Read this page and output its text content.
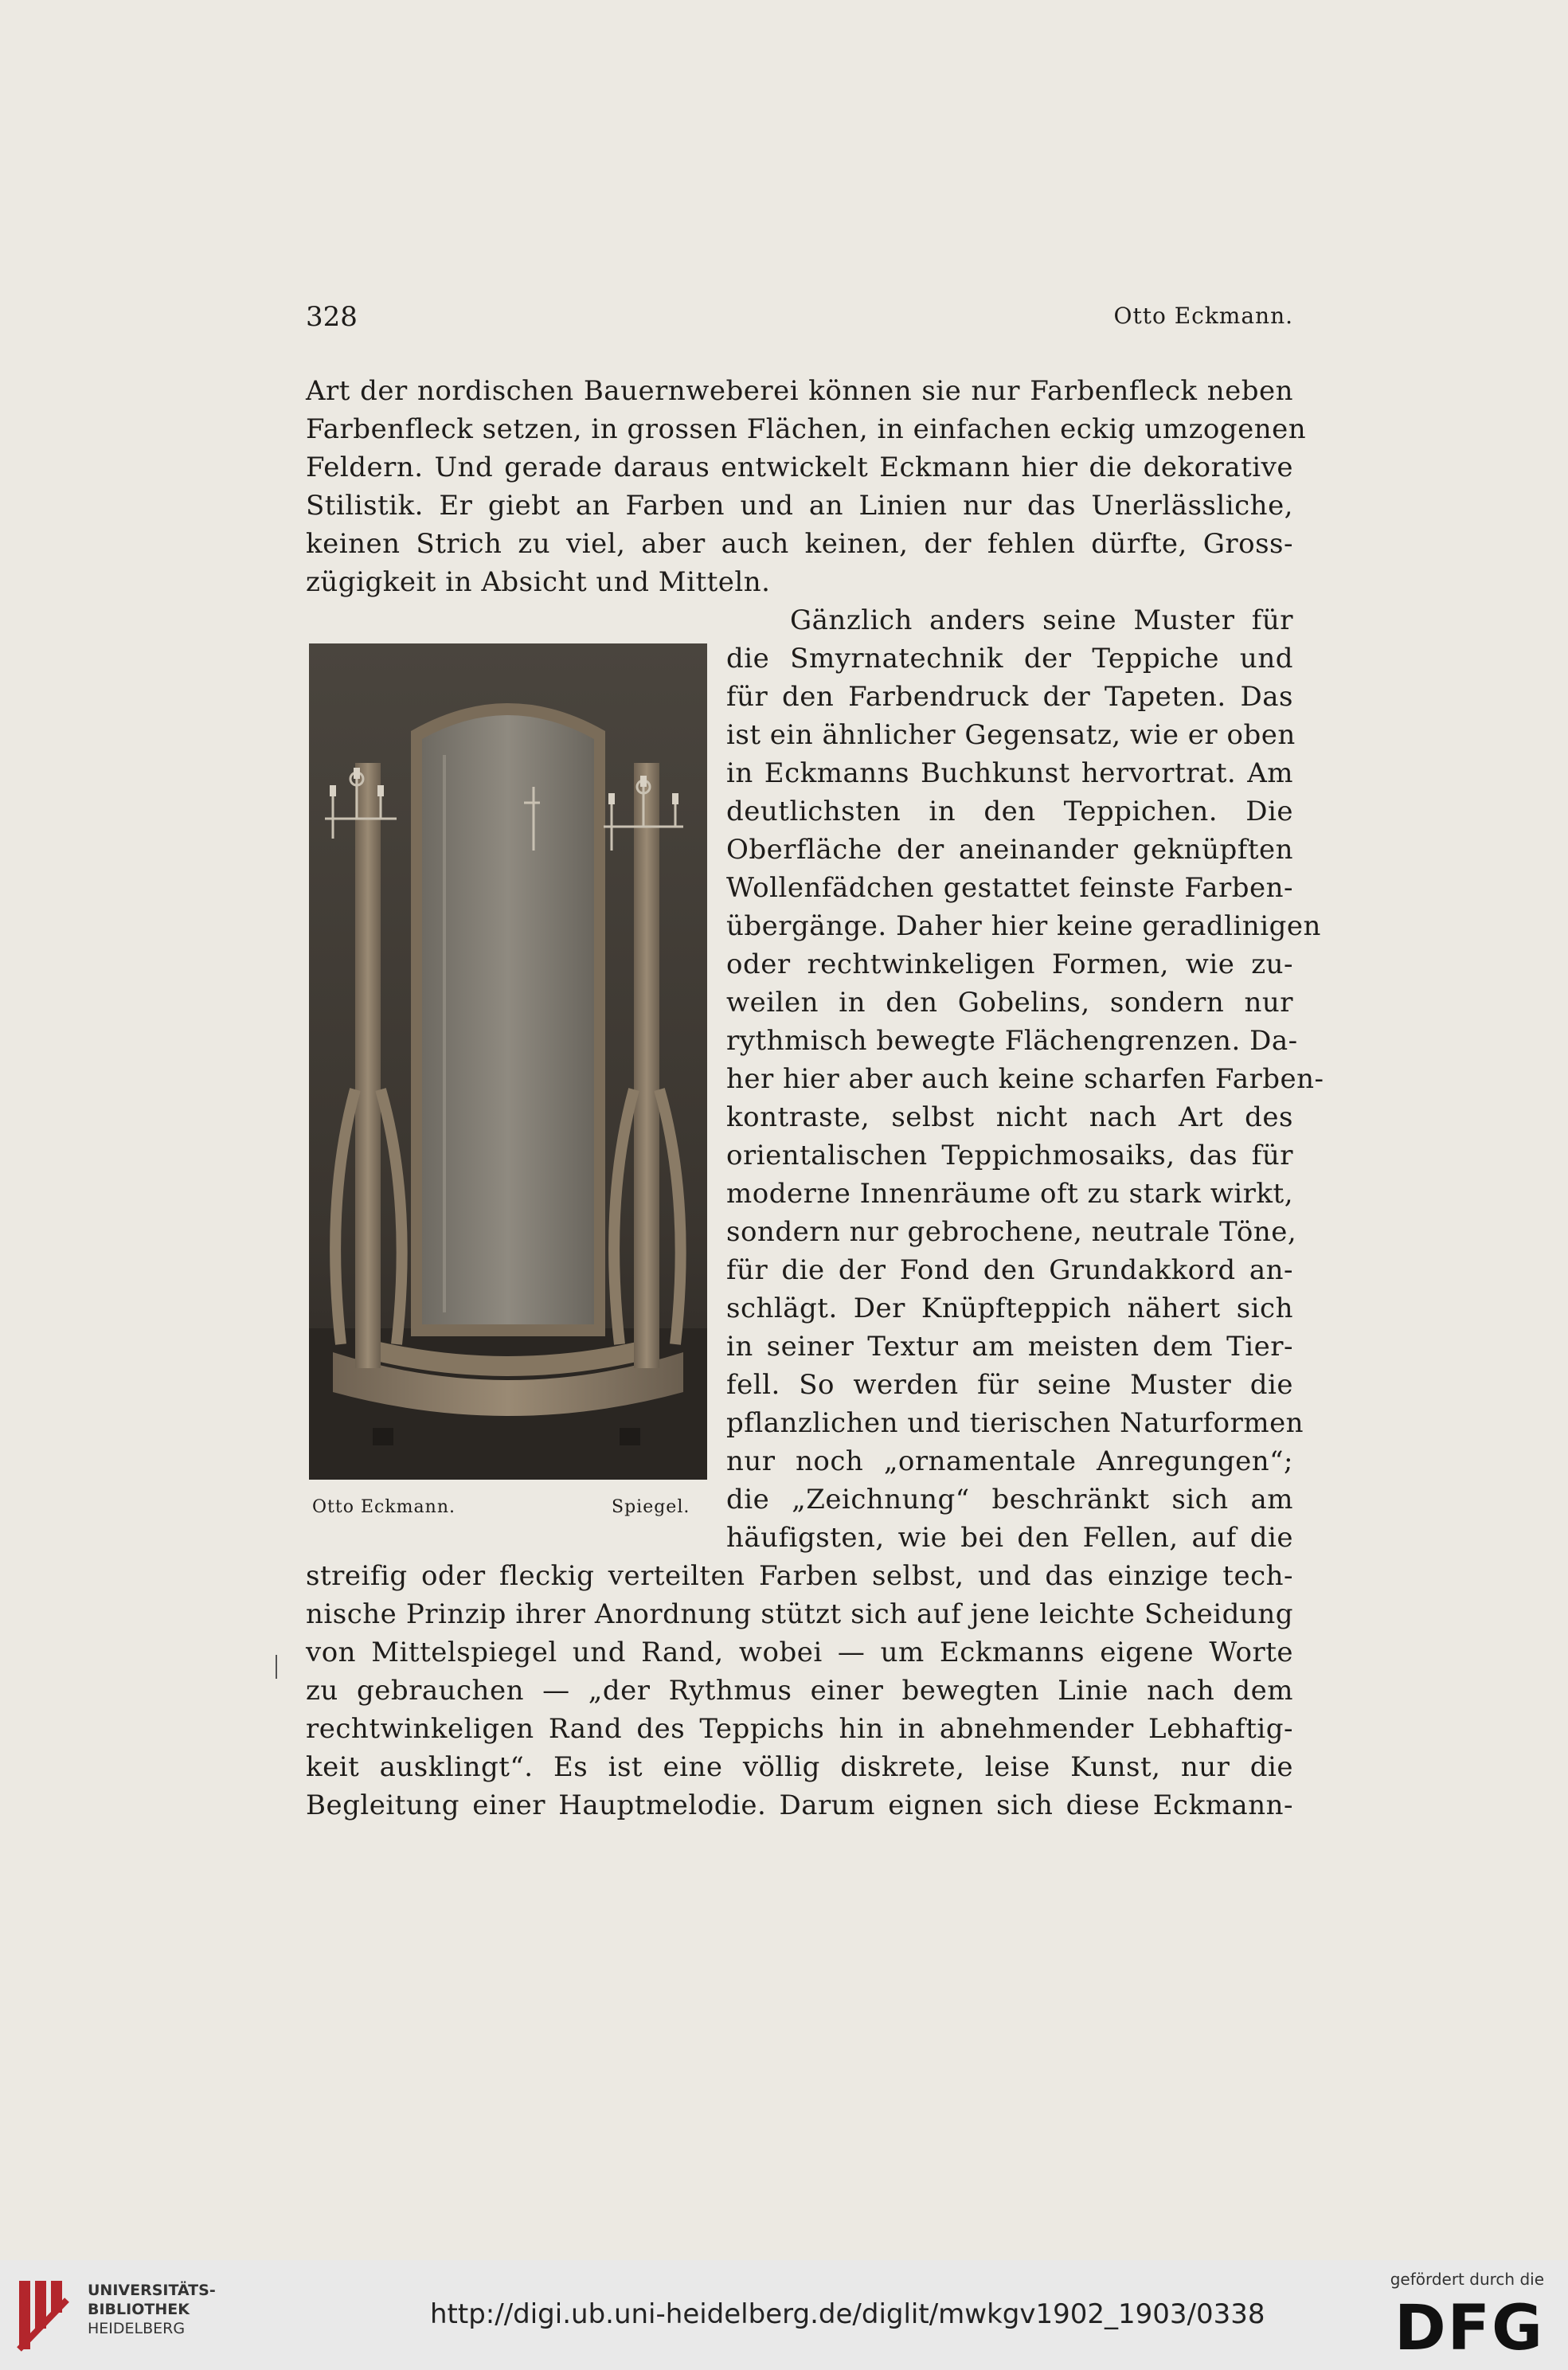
328	Otto Eckmann.
Art der nordischen Bauernweberei können sie nur Farbenfleck neben
Farbenfleck setzen, in grossen Flächen, in einfachen eckig umzogenen
Feldern. Und gerade daraus entwickelt Eckmann hier die dekorative
Stilistik. Er giebt an Farben und an Linien nur das Unerlässliche,
keinen Strich zu viel, aber auch keinen, der fehlen dürfte, Gross-
zügigkeit in Absicht und Mitteln.
Gänzlich anders seine Muster für
die Smyrnatechnik der Teppiche und
für den Farbendruck der Tapeten. Das
ist ein ähnlicher Gegensatz, wie er oben
in Eckmanns Buchkunst hervortrat. Am
deutlichsten in den Teppichen. Die
Oberfläche der aneinander geknüpften
Wollenfädchen gestattet feinste Farben-
übergänge. Daher hier keine geradlinigen
oder rechtwinkeligen Formen, wie zu-
weilen in den Gobelins, sondern nur
rythmisch bewegte Flächengrenzen. Da-
her hier aber auch keine scharfen Farben-
kontraste, selbst nicht nach Art des
orientalischen Teppichmosaiks, das für
moderne Innenräume oft zu stark wirkt,
sondern nur gebrochene, neutrale Töne,
für die der Fond den Grundakkord an-
schlägt. Der Knüpfteppich nähert sich
in seiner Textur am meisten dem Tier-
fell. So werden für seine Muster die
pflanzlichen und tierischen Naturformen
nur noch „ornamentale Anregungen“;
die „Zeichnung“ beschränkt sich am
häufigsten, wie bei den Fellen, auf die
streifig oder fleckig verteilten Farben selbst, und das einzige tech-
nische Prinzip ihrer Anordnung stützt sich auf jene leichte Scheidung
von Mittelspiegel und Rand, wobei — um Eckmanns eigene Worte
zu gebrauchen — „der Rythmus einer bewegten Linie nach dem
rechtwinkeligen Rand des Teppichs hin in abnehmender Lebhaftig-
keit ausklingt“. Es ist eine völlig diskrete, leise Kunst, nur die
Begleitung einer Hauptmelodie. Darum eignen sich diese Eckmann-
Otto Eckmann.	Spiegel.
UNIVERSITÄTS-
BIBLIOTHEK
HEIDELBERG	http://digi.ub.uni-heidelberg.de/diglit/mwkgv1902_1903/0338
gefördert durch die
DFG
